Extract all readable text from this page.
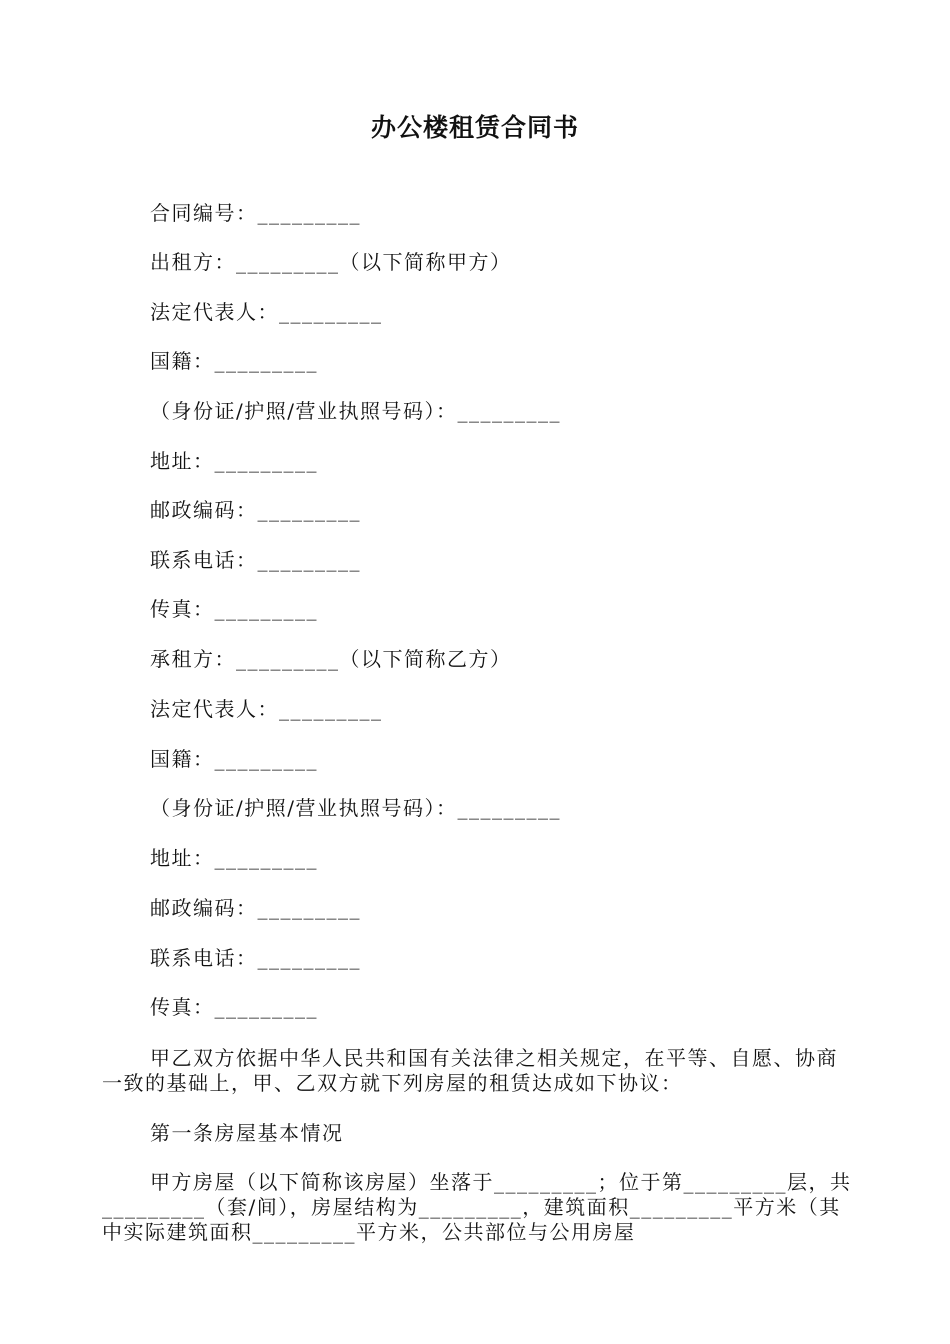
办公楼租赁合同书
合同编号：_________
出租方：_________（以下简称甲方）
法定代表人：_________
国籍：_________
（身份证/护照/营业执照号码）：_________
地址：_________
邮政编码：_________
联系电话：_________
传真：_________
承租方：_________（以下简称乙方）
法定代表人：_________
国籍：_________
（身份证/护照/营业执照号码）：_________
地址：_________
邮政编码：_________
联系电话：_________
传真：_________

甲乙双方依据中华人民共和国有关法律之相关规定，在平等、自愿、协商一致的基础上，甲、乙双方就下列房屋的租赁达成如下协议：

第一条房屋基本情况

甲方房屋（以下简称该房屋）坐落于_________；位于第_________层，共_________（套/间），房屋结构为_________，建筑面积_________平方米（其中实际建筑面积_________平方米，公共部位与公用房屋
